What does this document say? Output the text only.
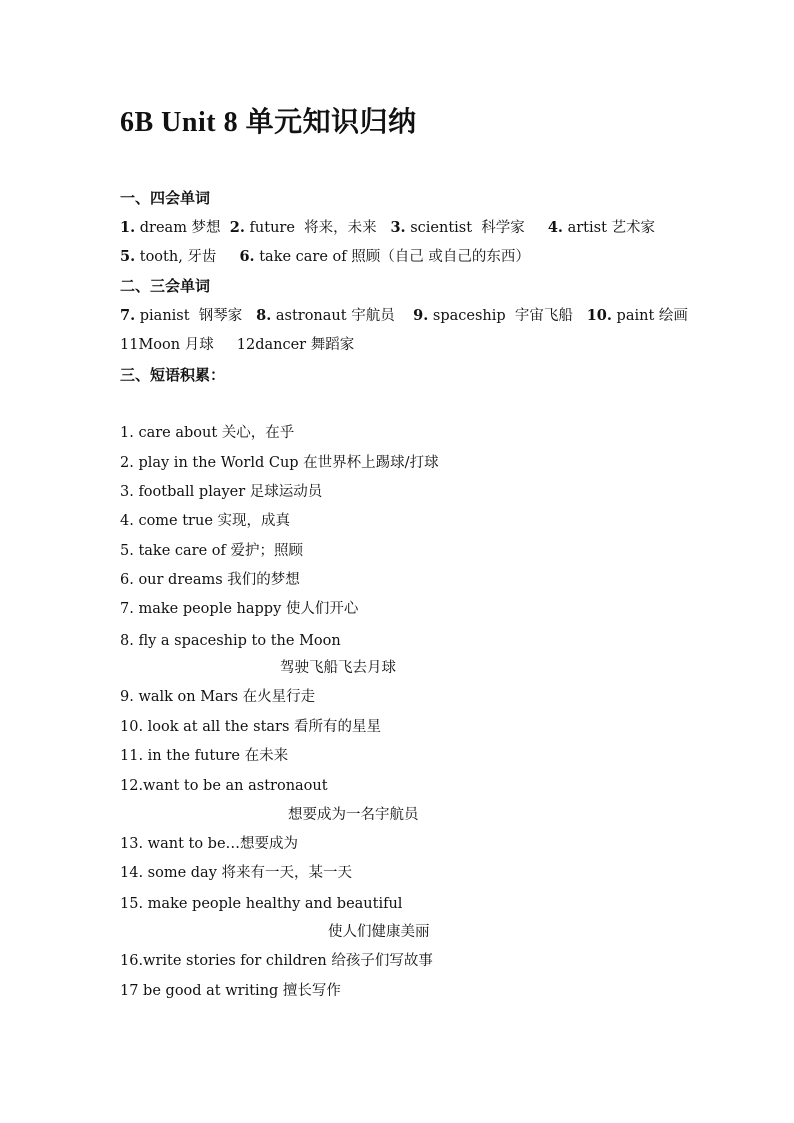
6B Unit 8 单元知识归纳
一、四会单词
1. dream 梦想  2. future  将来，未来   3. scientist  科学家     4. artist 艺术家
5. tooth, 牙齿     6. take care of 照顾（自己 或自己的东西）
二、三会单词
7. pianist  钢琴家   8. astronaut 宇航员    9. spaceship  宇宙飞船   10. paint 绘画
11Moon 月球     12dancer 舞蹈家
三、短语积累：
1. care about 关心，在乎
2. play in the World Cup 在世界杯上踢球/打球
3. football player 足球运动员
4. come true 实现，成真
5. take care of 爱护；照顾
6. our dreams 我们的梦想
7. make people happy 使人们开心
8. fly a spaceship to the Moon
驾驶飞船飞去月球
9. walk on Mars 在火星行走
10. look at all the stars 看所有的星星
11. in the future 在未来
12.want to be an astronaout
想要成为一名宇航员
13. want to be…想要成为
14. some day 将来有一天，某一天
15. make people healthy and beautiful
使人们健康美丽
16.write stories for children 给孩子们写故事
17 be good at writing 擅长写作
